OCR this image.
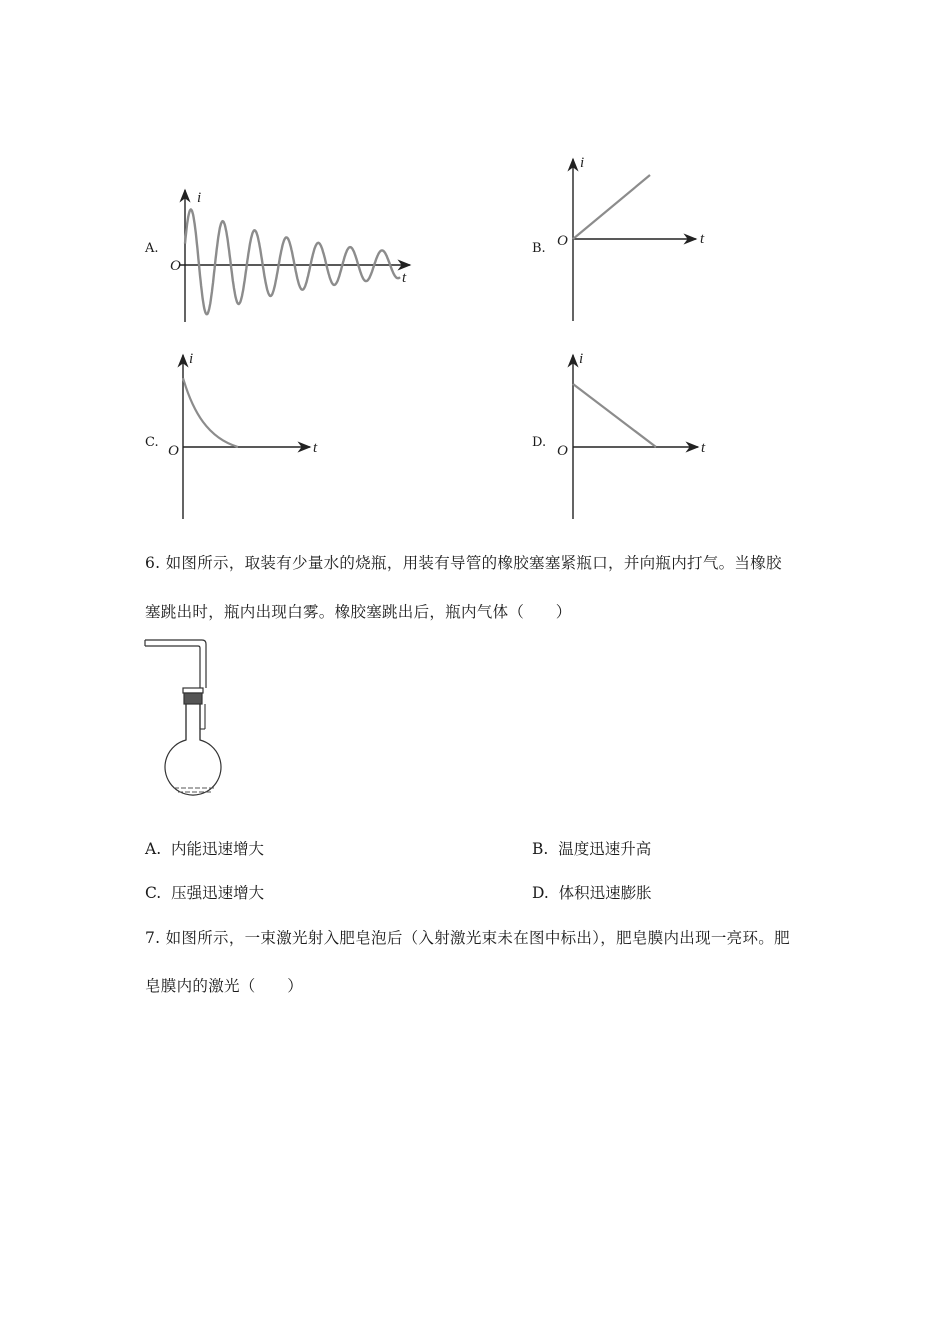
A.
i
O
t
B.
i
O	t
C.
i
O	t	D.
i
O	t
6. 如图所示，取装有少量水的烧瓶，用装有导管的橡胶塞塞紧瓶口，并向瓶内打气。当橡胶
塞跳出时，瓶内出现白雾。橡胶塞跳出后，瓶内气体（　　）
A. 内能迅速增大	B. 温度迅速升高
C. 压强迅速增大	D. 体积迅速膨胀
7. 如图所示，一束激光射入肥皂泡后（入射激光束未在图中标出），肥皂膜内出现一亮环。肥
皂膜内的激光（　　）
